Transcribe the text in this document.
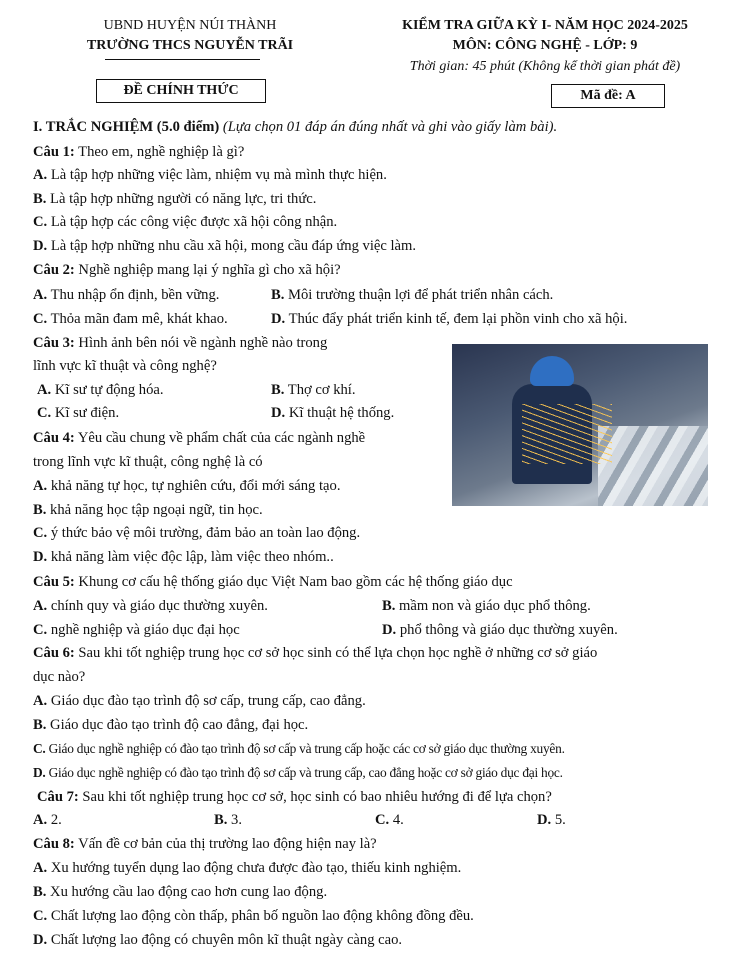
UBND HUYỆN NÚI THÀNH
TRƯỜNG THCS NGUYỄN TRÃI
KIỂM TRA GIỮA KỲ I- NĂM HỌC 2024-2025
MÔN: CÔNG NGHỆ - LỚP: 9
Thời gian: 45 phút (Không kể thời gian phát đề)
ĐỀ CHÍNH THỨC	Mã đề: A
I. TRẮC NGHIỆM (5.0 điểm) (Lựa chọn 01 đáp án đúng nhất và ghi vào giấy làm bài).
Câu 1: Theo em, nghề nghiệp là gì?
A. Là tập hợp những việc làm, nhiệm vụ mà mình thực hiện.
B. Là tập hợp những người có năng lực, tri thức.
C. Là tập hợp các công việc được xã hội công nhận.
D. Là tập hợp những nhu cầu xã hội, mong cầu đáp ứng việc làm.
Câu 2: Nghề nghiệp mang lại ý nghĩa gì cho xã hội?
A. Thu nhập ổn định, bền vững.	B. Môi trường thuận lợi để phát triển nhân cách.
C. Thỏa mãn đam mê, khát khao.	D. Thúc đẩy phát triển kinh tế, đem lại phồn vinh cho xã hội.
Câu 3: Hình ảnh bên nói về ngành nghề nào trong
lĩnh vực kĩ thuật và công nghệ?
A. Kĩ sư tự động hóa.	B. Thợ cơ khí.
C. Kĩ sư điện.	D. Kĩ thuật hệ thống.
Câu 4: Yêu cầu chung về phẩm chất của các ngành nghề
trong lĩnh vực kĩ thuật, công nghệ là có
A. khả năng tự học, tự nghiên cứu, đổi mới sáng tạo.
B. khả năng học tập ngoại ngữ, tin học.
C. ý thức bảo vệ môi trường, đảm bảo an toàn lao động.
D. khả năng làm việc độc lập, làm việc theo nhóm..
Câu 5: Khung cơ cấu hệ thống giáo dục Việt Nam bao gồm các hệ thống giáo dục
A. chính quy và giáo dục thường xuyên.	B. mầm non và giáo dục phổ thông.
C. nghề nghiệp và giáo dục đại học	D. phổ thông và giáo dục thường xuyên.
Câu 6: Sau khi tốt nghiệp trung học cơ sở học sinh có thể lựa chọn học nghề ở những cơ sở giáo
dục nào?
A. Giáo dục đào tạo trình độ sơ cấp, trung cấp, cao đẳng.
B. Giáo dục đào tạo trình độ cao đẳng, đại học.
C. Giáo dục nghề nghiệp có đào tạo trình độ sơ cấp và trung cấp hoặc các cơ sở giáo dục thường xuyên.
D. Giáo dục nghề nghiệp có đào tạo trình độ sơ cấp và trung cấp, cao đẳng hoặc cơ sở giáo dục đại học.
Câu 7: Sau khi tốt nghiệp trung học cơ sở, học sinh có bao nhiêu hướng đi để lựa chọn?
A. 2.	B. 3.	C. 4.	D. 5.
Câu 8: Vấn đề cơ bản của thị trường lao động hiện nay là?
A. Xu hướng tuyển dụng lao động chưa được đào tạo, thiếu kinh nghiệm.
B. Xu hướng cầu lao động cao hơn cung lao động.
C. Chất lượng lao động còn thấp, phân bố nguồn lao động không đồng đều.
D. Chất lượng lao động có chuyên môn kĩ thuật ngày càng cao.
